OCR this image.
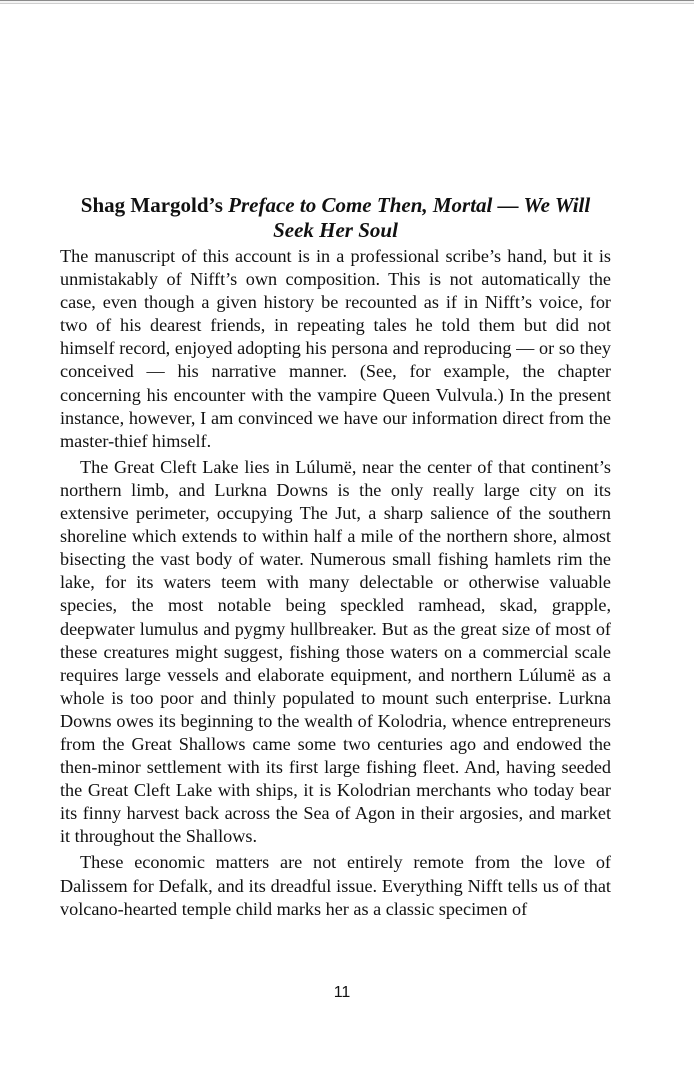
Shag Margold’s Preface to Come Then, Mortal — We Will Seek Her Soul

The manuscript of this account is in a professional scribe’s hand, but it is unmistakably of Nifft’s own composition. This is not automatically the case, even though a given history be recounted as if in Nifft’s voice, for two of his dearest friends, in repeating tales he told them but did not himself record, enjoyed adopting his persona and reproducing — or so they conceived — his narrative manner. (See, for example, the chapter concerning his encounter with the vampire Queen Vulvula.) In the present instance, however, I am convinced we have our information direct from the master-thief himself.

The Great Cleft Lake lies in Lúlumë, near the center of that continent’s northern limb, and Lurkna Downs is the only really large city on its extensive perimeter, occupying The Jut, a sharp salience of the southern shoreline which extends to within half a mile of the northern shore, almost bisecting the vast body of water. Numerous small fishing hamlets rim the lake, for its waters teem with many delectable or otherwise valuable species, the most notable being speckled ramhead, skad, grapple, deepwater lumulus and pygmy hullbreaker. But as the great size of most of these creatures might suggest, fishing those waters on a commercial scale requires large vessels and elaborate equipment, and northern Lúlumë as a whole is too poor and thinly populated to mount such enterprise. Lurkna Downs owes its beginning to the wealth of Kolodria, whence entrepreneurs from the Great Shallows came some two centuries ago and endowed the then-minor settlement with its first large fishing fleet. And, having seeded the Great Cleft Lake with ships, it is Kolodrian merchants who today bear its finny harvest back across the Sea of Agon in their argosies, and market it throughout the Shallows.

These economic matters are not entirely remote from the love of Dalissem for Defalk, and its dreadful issue. Everything Nifft tells us of that volcano-hearted temple child marks her as a classic specimen of

11
